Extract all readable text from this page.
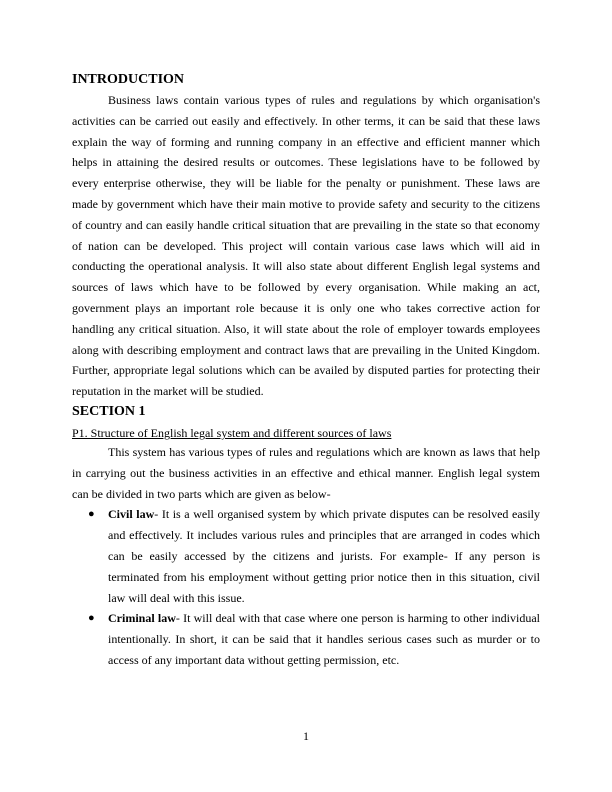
INTRODUCTION

Business laws contain various types of rules and regulations by which organisation's activities can be carried out easily and effectively. In other terms, it can be said that these laws explain the way of forming and running company in an effective and efficient manner which helps in attaining the desired results or outcomes. These legislations have to be followed by every enterprise otherwise, they will be liable for the penalty or punishment. These laws are made by government which have their main motive to provide safety and security to the citizens of country and can easily handle critical situation that are prevailing in the state so that economy of nation can be developed. This project will contain various case laws which will aid in conducting the operational analysis. It will also state about different English legal systems and sources of laws which have to be followed by every organisation. While making an act, government plays an important role because it is only one who takes corrective action for handling any critical situation. Also, it will state about the role of employer towards employees along with describing employment and contract laws that are prevailing in the United Kingdom. Further, appropriate legal solutions which can be availed by disputed parties for protecting their reputation in the market will be studied.

SECTION 1
P1. Structure of English legal system and different sources of laws

This system has various types of rules and regulations which are known as laws that help in carrying out the business activities in an effective and ethical manner. English legal system can be divided in two parts which are given as below-

● Civil law- It is a well organised system by which private disputes can be resolved easily and effectively. It includes various rules and principles that are arranged in codes which can be easily accessed by the citizens and jurists. For example- If any person is terminated from his employment without getting prior notice then in this situation, civil law will deal with this issue.
● Criminal law- It will deal with that case where one person is harming to other individual intentionally. In short, it can be said that it handles serious cases such as murder or to access of any important data without getting permission, etc.
1
